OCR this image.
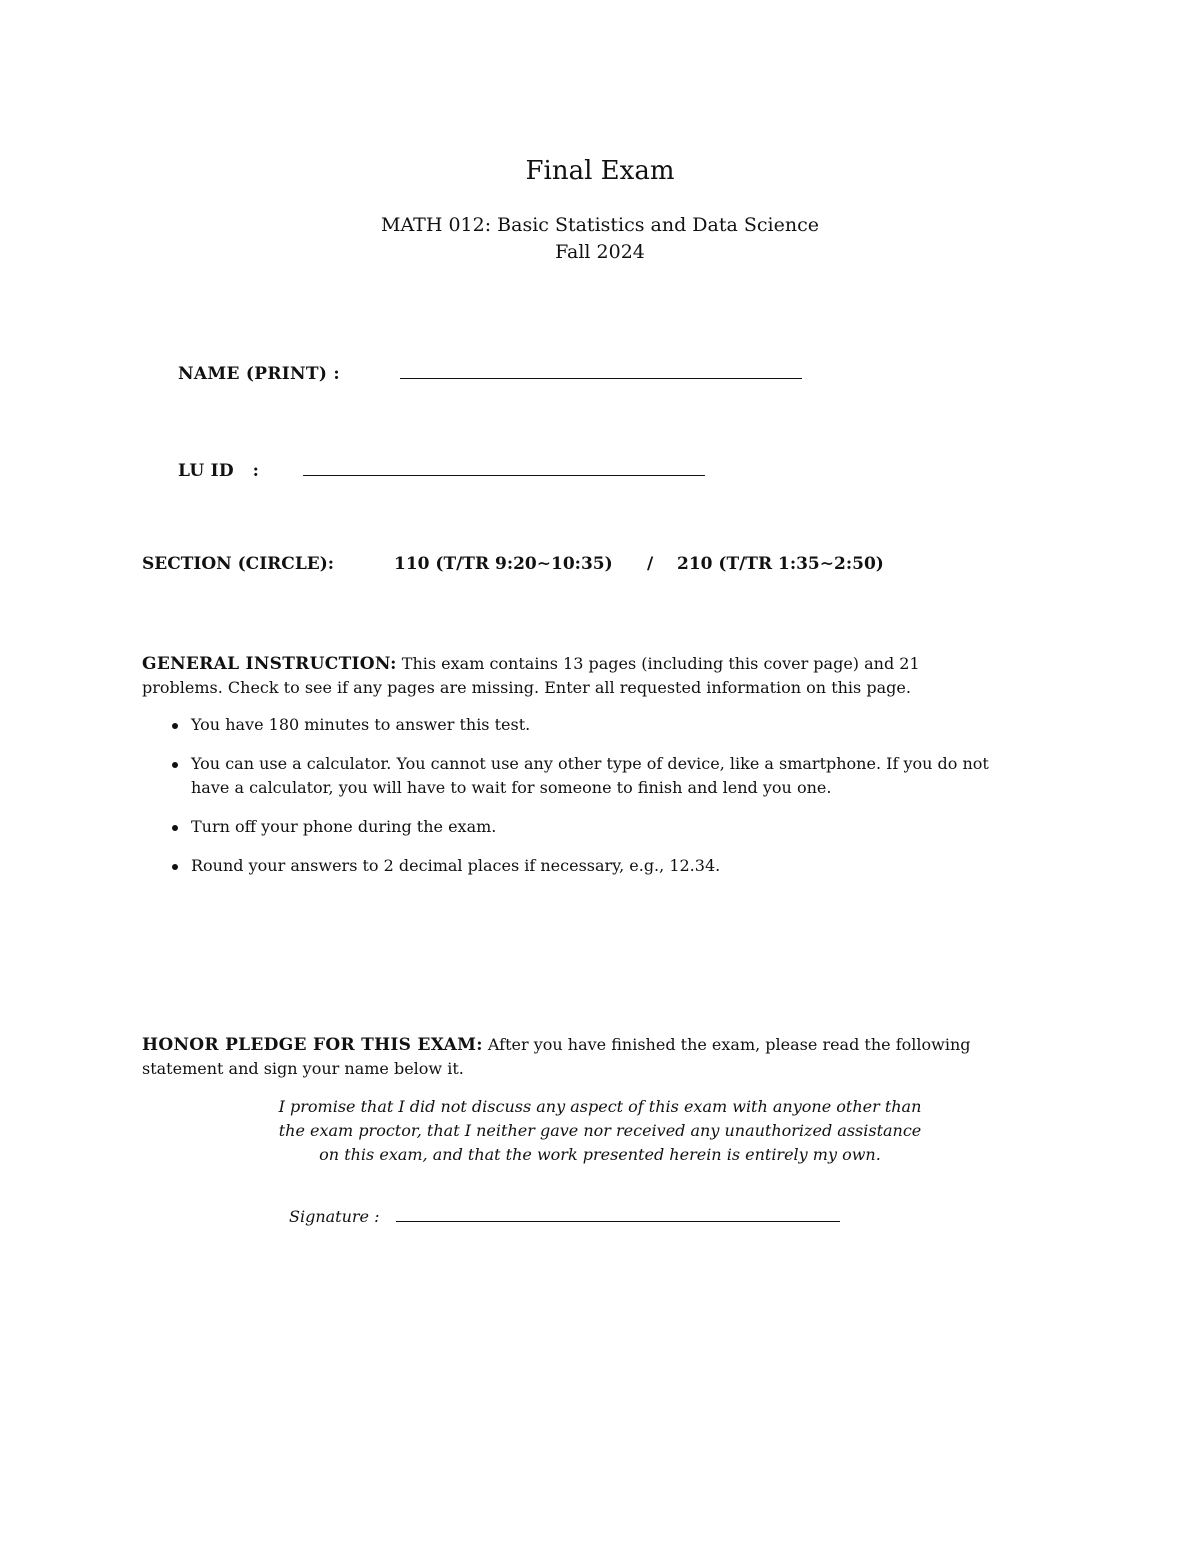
Final Exam
MATH 012: Basic Statistics and Data Science
Fall 2024
NAME (PRINT) :
LU ID   :
SECTION (CIRCLE):	110 (T/TR 9:20∼10:35) / 210 (T/TR 1:35∼2:50)
GENERAL INSTRUCTION: This exam contains 13 pages (including this cover page) and 21 problems. Check to see if any pages are missing. Enter all requested information on this page.
You have 180 minutes to answer this test.
You can use a calculator. You cannot use any other type of device, like a smartphone. If you do not have a calculator, you will have to wait for someone to finish and lend you one.
Turn off your phone during the exam.
Round your answers to 2 decimal places if necessary, e.g., 12.34.
HONOR PLEDGE FOR THIS EXAM: After you have finished the exam, please read the following statement and sign your name below it.
I promise that I did not discuss any aspect of this exam with anyone other than
the exam proctor, that I neither gave nor received any unauthorized assistance
on this exam, and that the work presented herein is entirely my own.
Signature :
